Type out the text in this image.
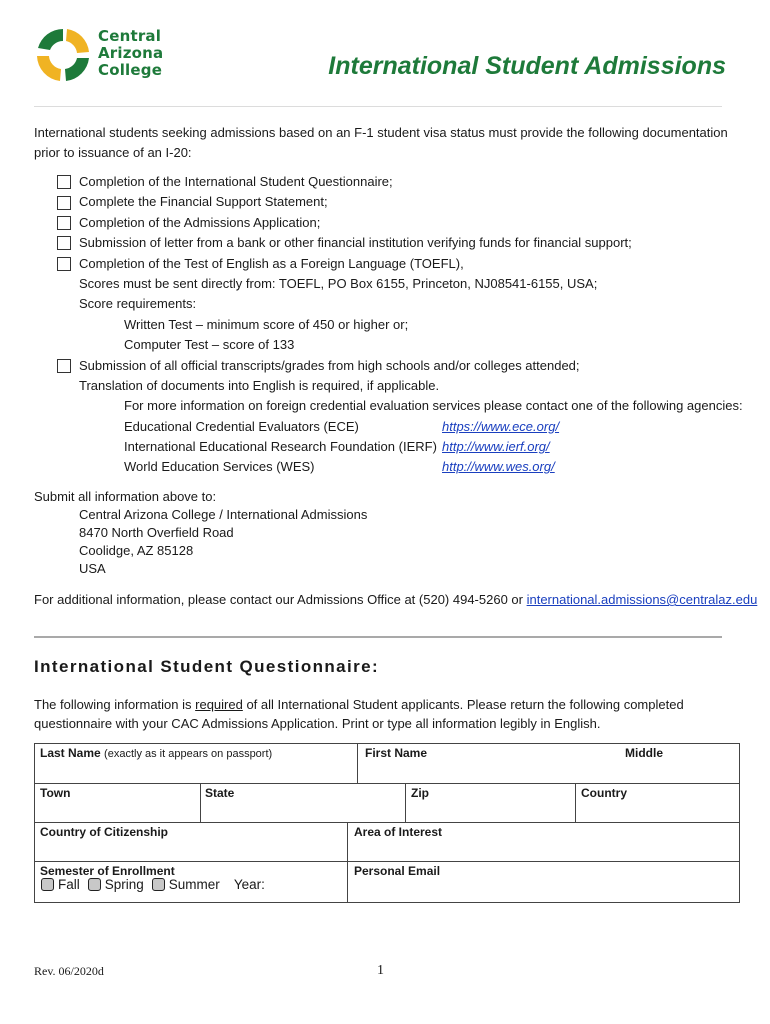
Central
Arizona
College	International Student Admissions
International students seeking admissions based on an F-1 student visa status must provide the following documentation prior to issuance of an I-20:
Completion of the International Student Questionnaire;
Complete the Financial Support Statement;
Completion of the Admissions Application;
Submission of letter from a bank or other financial institution verifying funds for financial support;
Completion of the Test of English as a Foreign Language (TOEFL),
Scores must be sent directly from: TOEFL, PO Box 6155, Princeton, NJ08541-6155, USA;
Score requirements:
Written Test – minimum score of 450 or higher or;
Computer Test – score of 133
Submission of all official transcripts/grades from high schools and/or colleges attended;
Translation of documents into English is required, if applicable.
For more information on foreign credential evaluation services please contact one of the following agencies:
Educational Credential Evaluators (ECE)	https://www.ece.org/
International Educational Research Foundation (IERF) http://www.ierf.org/
World Education Services (WES)	http://www.wes.org/
Submit all information above to:
Central Arizona College / International Admissions
8470 North Overfield Road
Coolidge, AZ 85128
USA
For additional information, please contact our Admissions Office at (520) 494-5260 or international.admissions@centralaz.edu
International Student Questionnaire:
The following information is required of all International Student applicants. Please return the following completed questionnaire with your CAC Admissions Application. Print or type all information legibly in English.
Last Name (exactly as it appears on passport)	First Name	Middle
Town	State	Zip	Country
Country of Citizenship	Area of Interest
Semester of Enrollment	Personal Email
Fall Spring Summer Year:
Rev. 06/2020d	1
